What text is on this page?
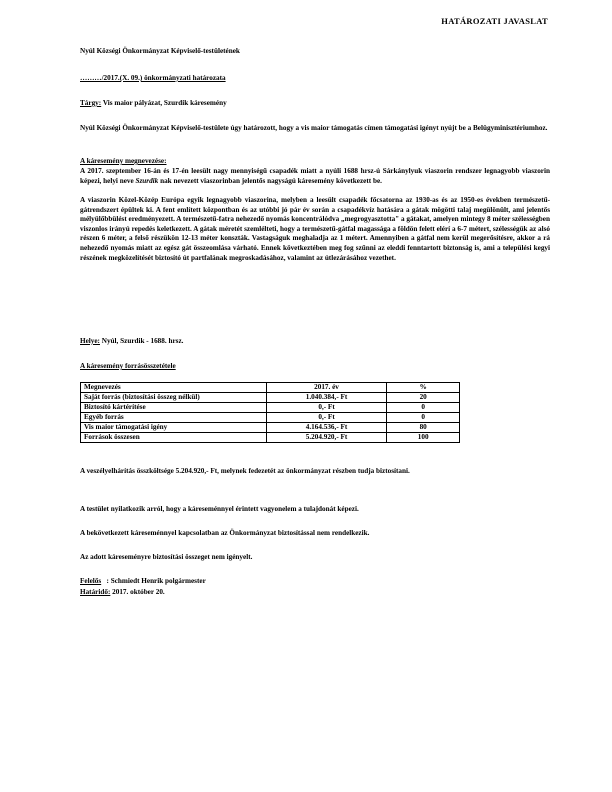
HATÁROZATI JAVASLAT
Nyúl Községi Önkormányzat Képviselő-testületének
………/2017.(X. 09.) önkormányzati határozata
Tárgy: Vis maior pályázat, Szurdik káresemény
Nyúl Községi Önkormányzat Képviselő-testülete úgy határozott, hogy a vis maior támogatás címen támogatási igényt nyújt be a Belügyminisztériumhoz.
A káresemény megnevezése:
A 2017. szeptember 16-án és 17-én leesült nagy mennyiségű csapadék miatt a nyúli 1688 hrsz-ú Sárkánylyuk viaszorin rendszer legnagyobb viaszorin képezi, helyi neve Szurdik nak nevezett viaszorinban jelentős nagyságú káresemény következett be.
A viaszorin Közel-Közép Európa egyik legnagyobb viaszorina, melyben a leesült csapadék főcsatorna az 1930-as és az 1950-es években természetű-gátrendszert épültek ki. A fent említett központban és az utóbbi jó pár év során a csapadékvíz hatására a gátak mögötti talaj megülönült, ami jelentős mélyülőbbülést eredményezett. A természetű-fatra nehezedő nyomás koncentrálódva „megrogyasztotta" a gátakat, amelyen mintegy 8 méter szélességben viszonlos irányú repedés keletkezett. A gátak méretét szemlélteti, hogy a természetű-gátfal magassága a földön felett elérí a 6-7 métert, szélességük az alsó részen 6 méter, a felső részükön 12-13 méter konszták. Vastagságuk meghaladja az 1 métert. Amennyiben a gátfal nem kerül megerősítésre, akkor a rá nehezedő nyomás miatt az egész gát összeomlása várható. Ennek következtében meg fog szűnni az eleddi fenntartott biztonság is, ami a települési kegyi részének megközelítését biztosító út partfalának megroskadásához, valamint az útlezárásához vezethet.
Helye: Nyúl, Szurdik - 1688. hrsz.
A káresemény forrásösszetétele
Megnevezés	2017. év	%
Saját forrás (biztosítási összeg nélkül)	1.040.384,- Ft	20
Biztosító kártérítése	0,- Ft	0
Egyéb forrás	0,- Ft	0
Vis maior támogatási igény	4.164.536,- Ft	80
Források összesen	5.204.920,- Ft	100
A veszélyelhárítás összköltsége 5.204.920,- Ft, melynek fedezetét az önkormányzat részben tudja biztosítani.
A testület nyilatkozik arról, hogy a káreseménnyel érintett vagyonelem a tulajdonát képezi.
A bekövetkezett káreseménnyel kapcsolatban az Önkormányzat biztosítással nem rendelkezik.
Az adott káreseményre biztosítási összeget nem igényelt.
Felelős   : Schmiedt Henrik polgármester
Határidő: 2017. október 20.
